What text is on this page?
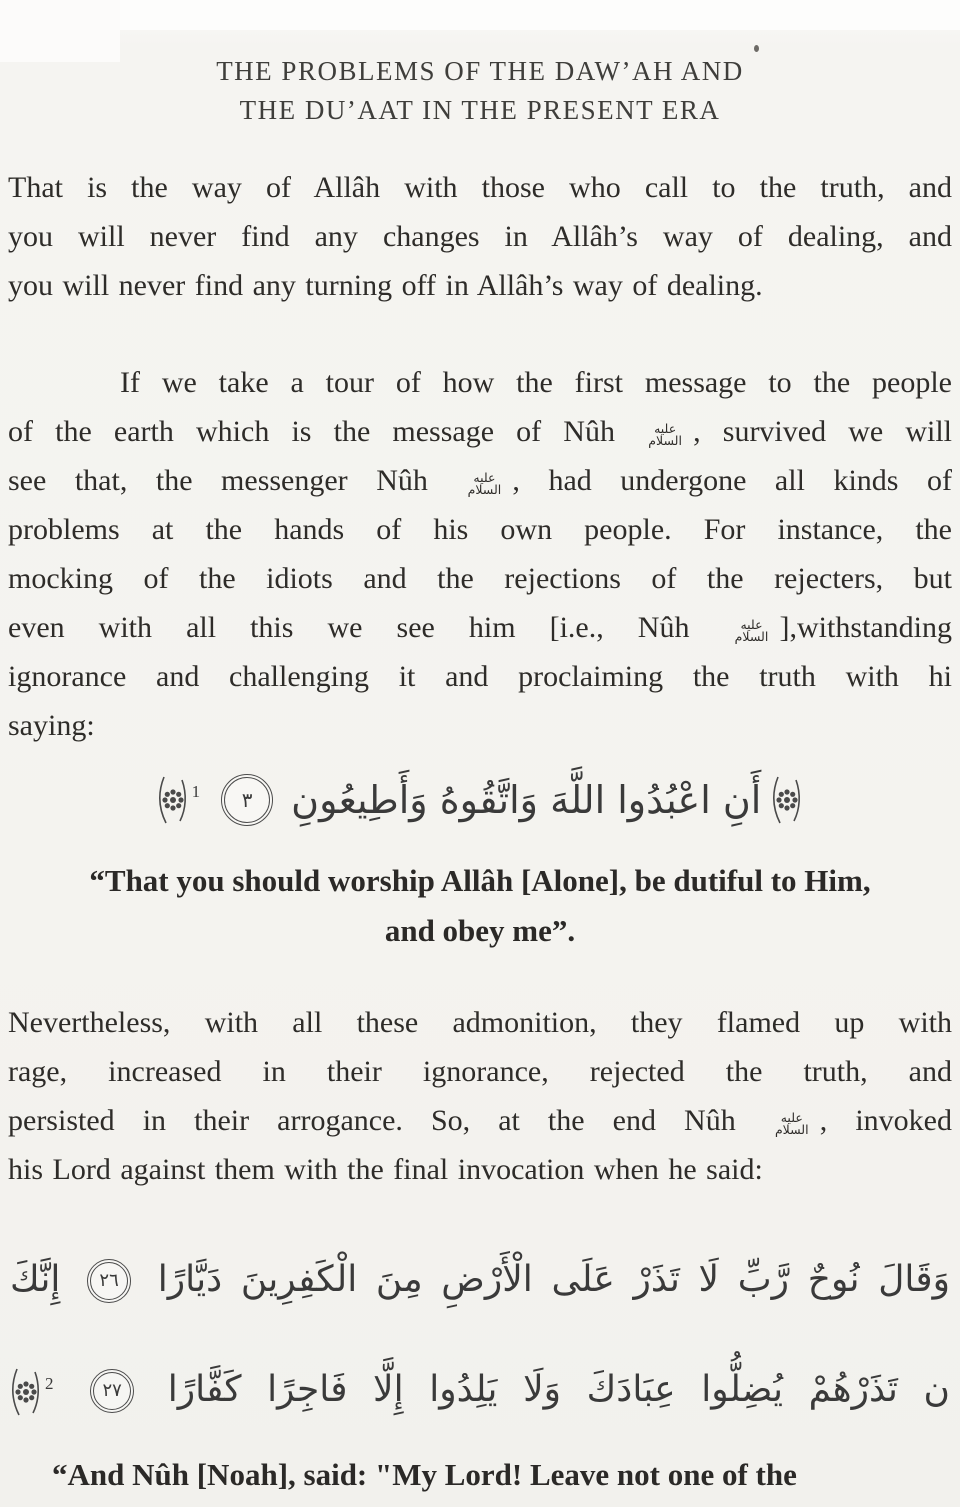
THE PROBLEMS OF THE DAW’AH AND
THE DU’AAT IN THE PRESENT ERA
That is the way of Allâh with those who call to the truth, and
you will never find any changes in Allâh’s way of dealing, and
you will never find any turning off in Allâh’s way of dealing.
If we take a tour of how the first message to the people
of the earth which is the message of Nûh عليه السلام , survived we will
see that, the messenger Nûh عليه السلام , had undergone all kinds of
problems at the hands of his own people. For instance, the
mocking of the idiots and the rejections of the rejecters, but
even with all this we see him [i.e., Nûh عليه السلام ],withstanding
ignorance and challenging it and proclaiming the truth with hi
saying:
أَنِ اعْبُدُوا اللَّهَ وَاتَّقُوهُ وَأَطِيعُونِ
٣
1
“That you should worship Allâh [Alone], be dutiful to Him,
and obey me”.
Nevertheless, with all these admonition, they flamed up with
rage, increased in their ignorance, rejected the truth, and
persisted in their arrogance. So, at the end Nûh عليه السلام , invoked
his Lord against them with the final invocation when he said:
وَقَالَ نُوحٌ رَّبِّ لَا تَذَرْ عَلَى الْأَرْضِ مِنَ الْكَفِرِينَ دَيَّارًا ٢٦ إِنَّكَ
ن تَذَرْهُمْ يُضِلُّوا عِبَادَكَ وَلَا يَلِدُوا إِلَّا فَاجِرًا كَفَّارًا ٢٧ 2
“And Nûh [Noah], said: "My Lord! Leave not one of the
